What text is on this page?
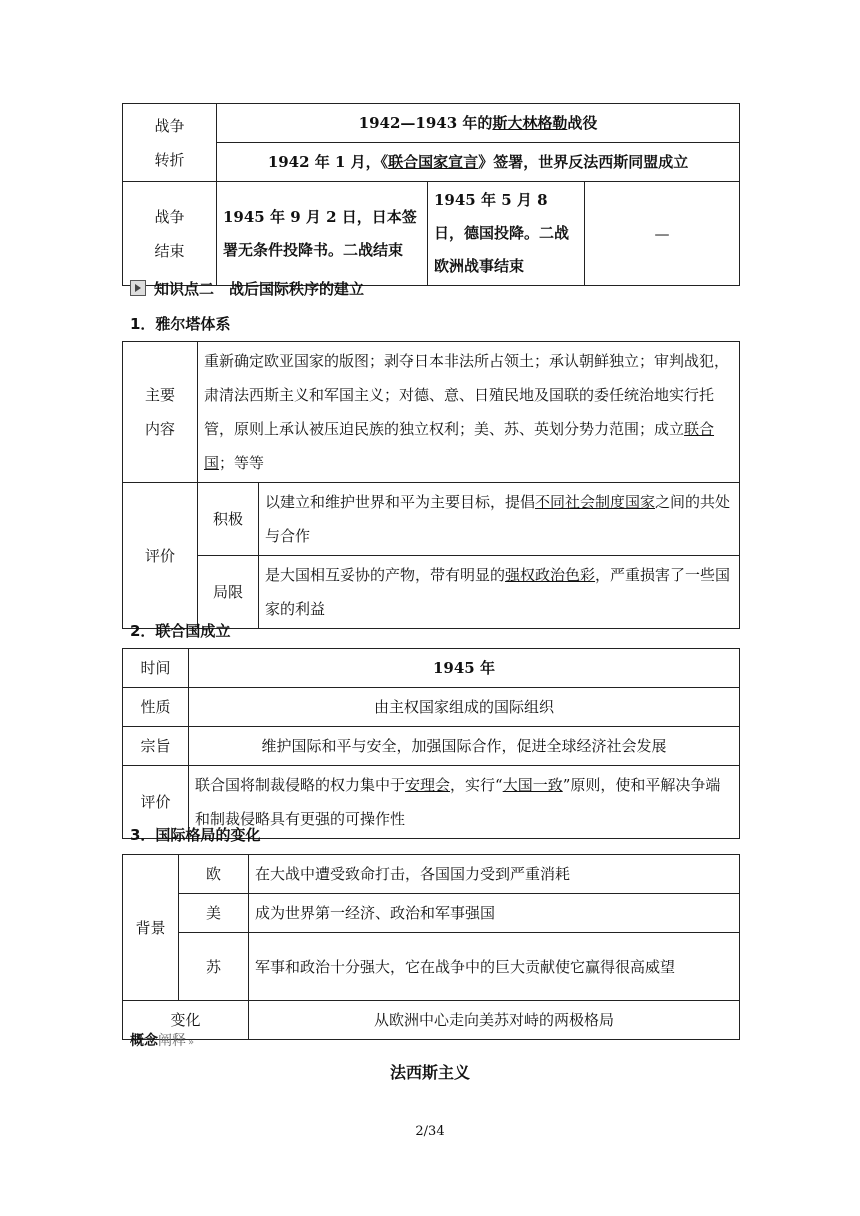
战争
转折	1942—1943 年的斯大林格勒战役		
	1942 年 1 月，《联合国家宣言》签署，世界反法西斯同盟成立		
战争
结束	1945 年 9 月 2 日，日本签署无条件投降书。二战结束	1945 年 5 月 8 日，德国投降。二战欧洲战事结束	—
知识点二　战后国际秩序的建立
1．雅尔塔体系
主要
内容	重新确定欧亚国家的版图；剥夺日本非法所占领土；承认朝鲜独立；审判战犯，肃清法西斯主义和军国主义；对德、意、日殖民地及国联的委任统治地实行托管，原则上承认被压迫民族的独立权利；美、苏、英划分势力范围；成立联合国；等等	
评价	积极	以建立和维护世界和平为主要目标，提倡不同社会制度国家之间的共处与合作
	局限	是大国相互妥协的产物，带有明显的强权政治色彩，严重损害了一些国家的利益
2．联合国成立
时间	1945 年
性质	由主权国家组成的国际组织
宗旨	维护国际和平与安全，加强国际合作，促进全球经济社会发展
评价	联合国将制裁侵略的权力集中于安理会，实行“大国一致”原则，使和平解决争端和制裁侵略具有更强的可操作性
3．国际格局的变化
背景	欧	在大战中遭受致命打击，各国国力受到严重消耗
	美	成为世界第一经济、政治和军事强国
	苏	军事和政治十分强大，它在战争中的巨大贡献使它赢得很高威望
变化		从欧洲中心走向美苏对峙的两极格局
概念阐释 »
法西斯主义
2/34
